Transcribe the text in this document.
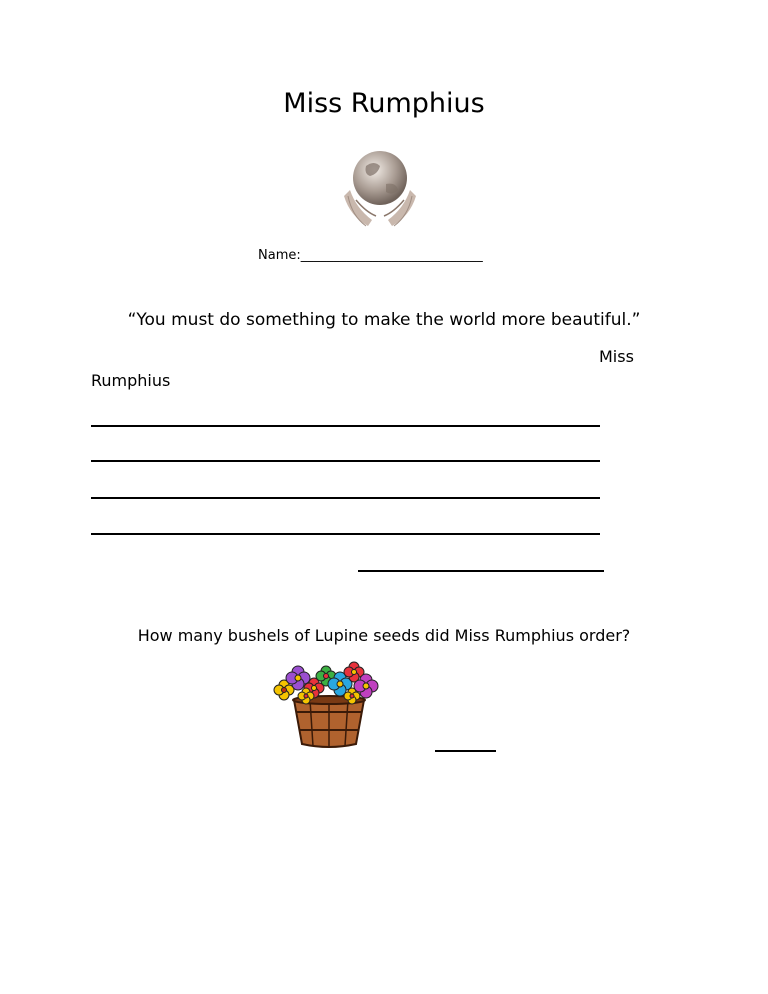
Miss Rumphius
Name:____________________________
“You must do something to make the world more beautiful.”
Miss
Rumphius
How many bushels of Lupine seeds did Miss Rumphius order?
